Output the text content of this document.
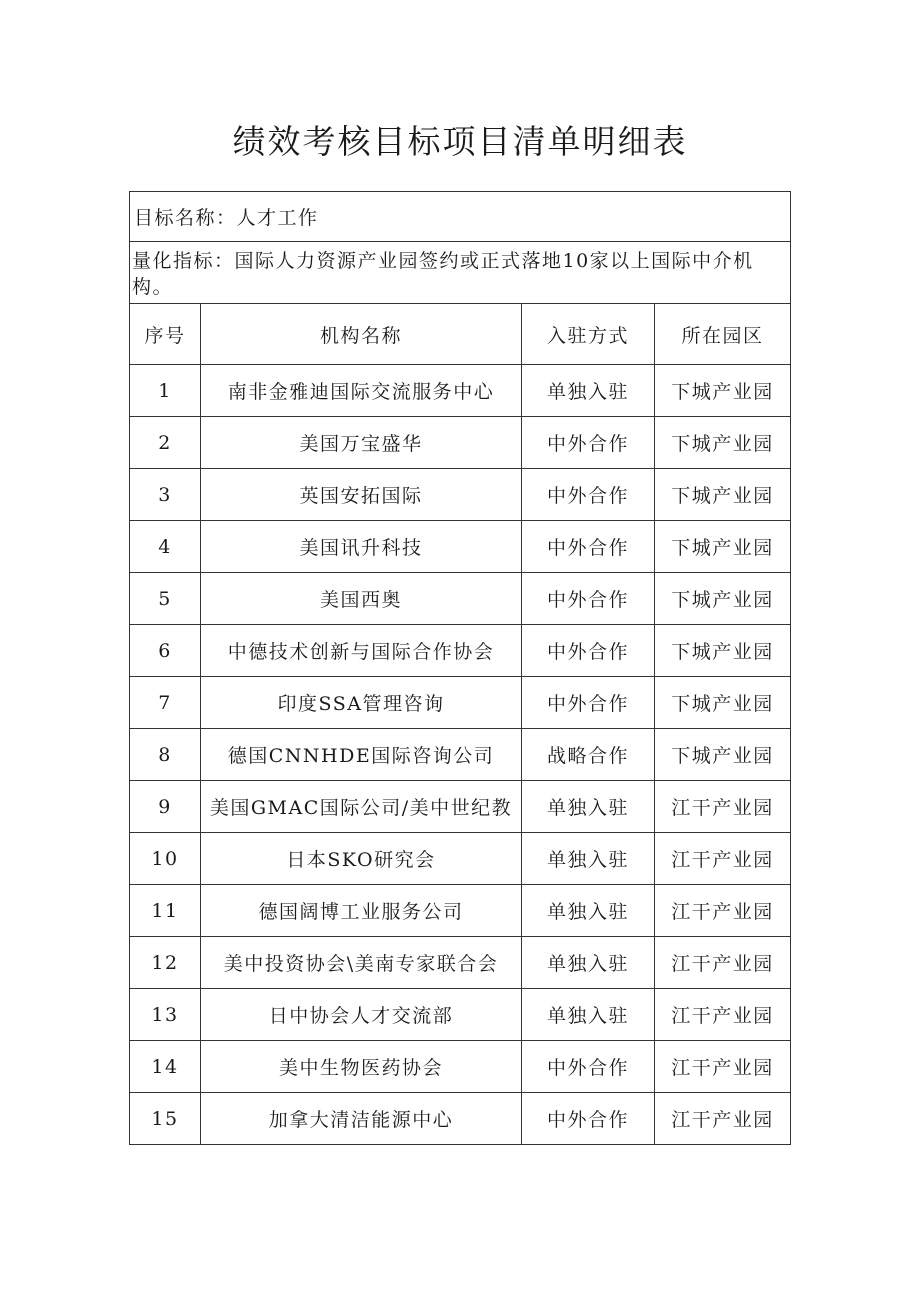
绩效考核目标项目清单明细表
目标名称：人才工作			
量化指标：国际人力资源产业园签约或正式落地10家以上国际中介机构。			
序号	机构名称	入驻方式	所在园区
1	南非金雅迪国际交流服务中心	单独入驻	下城产业园
2	美国万宝盛华	中外合作	下城产业园
3	英国安拓国际	中外合作	下城产业园
4	美国讯升科技	中外合作	下城产业园
5	美国西奥	中外合作	下城产业园
6	中德技术创新与国际合作协会	中外合作	下城产业园
7	印度SSA管理咨询	中外合作	下城产业园
8	德国CNNHDE国际咨询公司	战略合作	下城产业园
9	美国GMAC国际公司/美中世纪教	单独入驻	江干产业园
10	日本SKO研究会	单独入驻	江干产业园
11	德国阔博工业服务公司	单独入驻	江干产业园
12	美中投资协会\美南专家联合会	单独入驻	江干产业园
13	日中协会人才交流部	单独入驻	江干产业园
14	美中生物医药协会	中外合作	江干产业园
15	加拿大清洁能源中心	中外合作	江干产业园
